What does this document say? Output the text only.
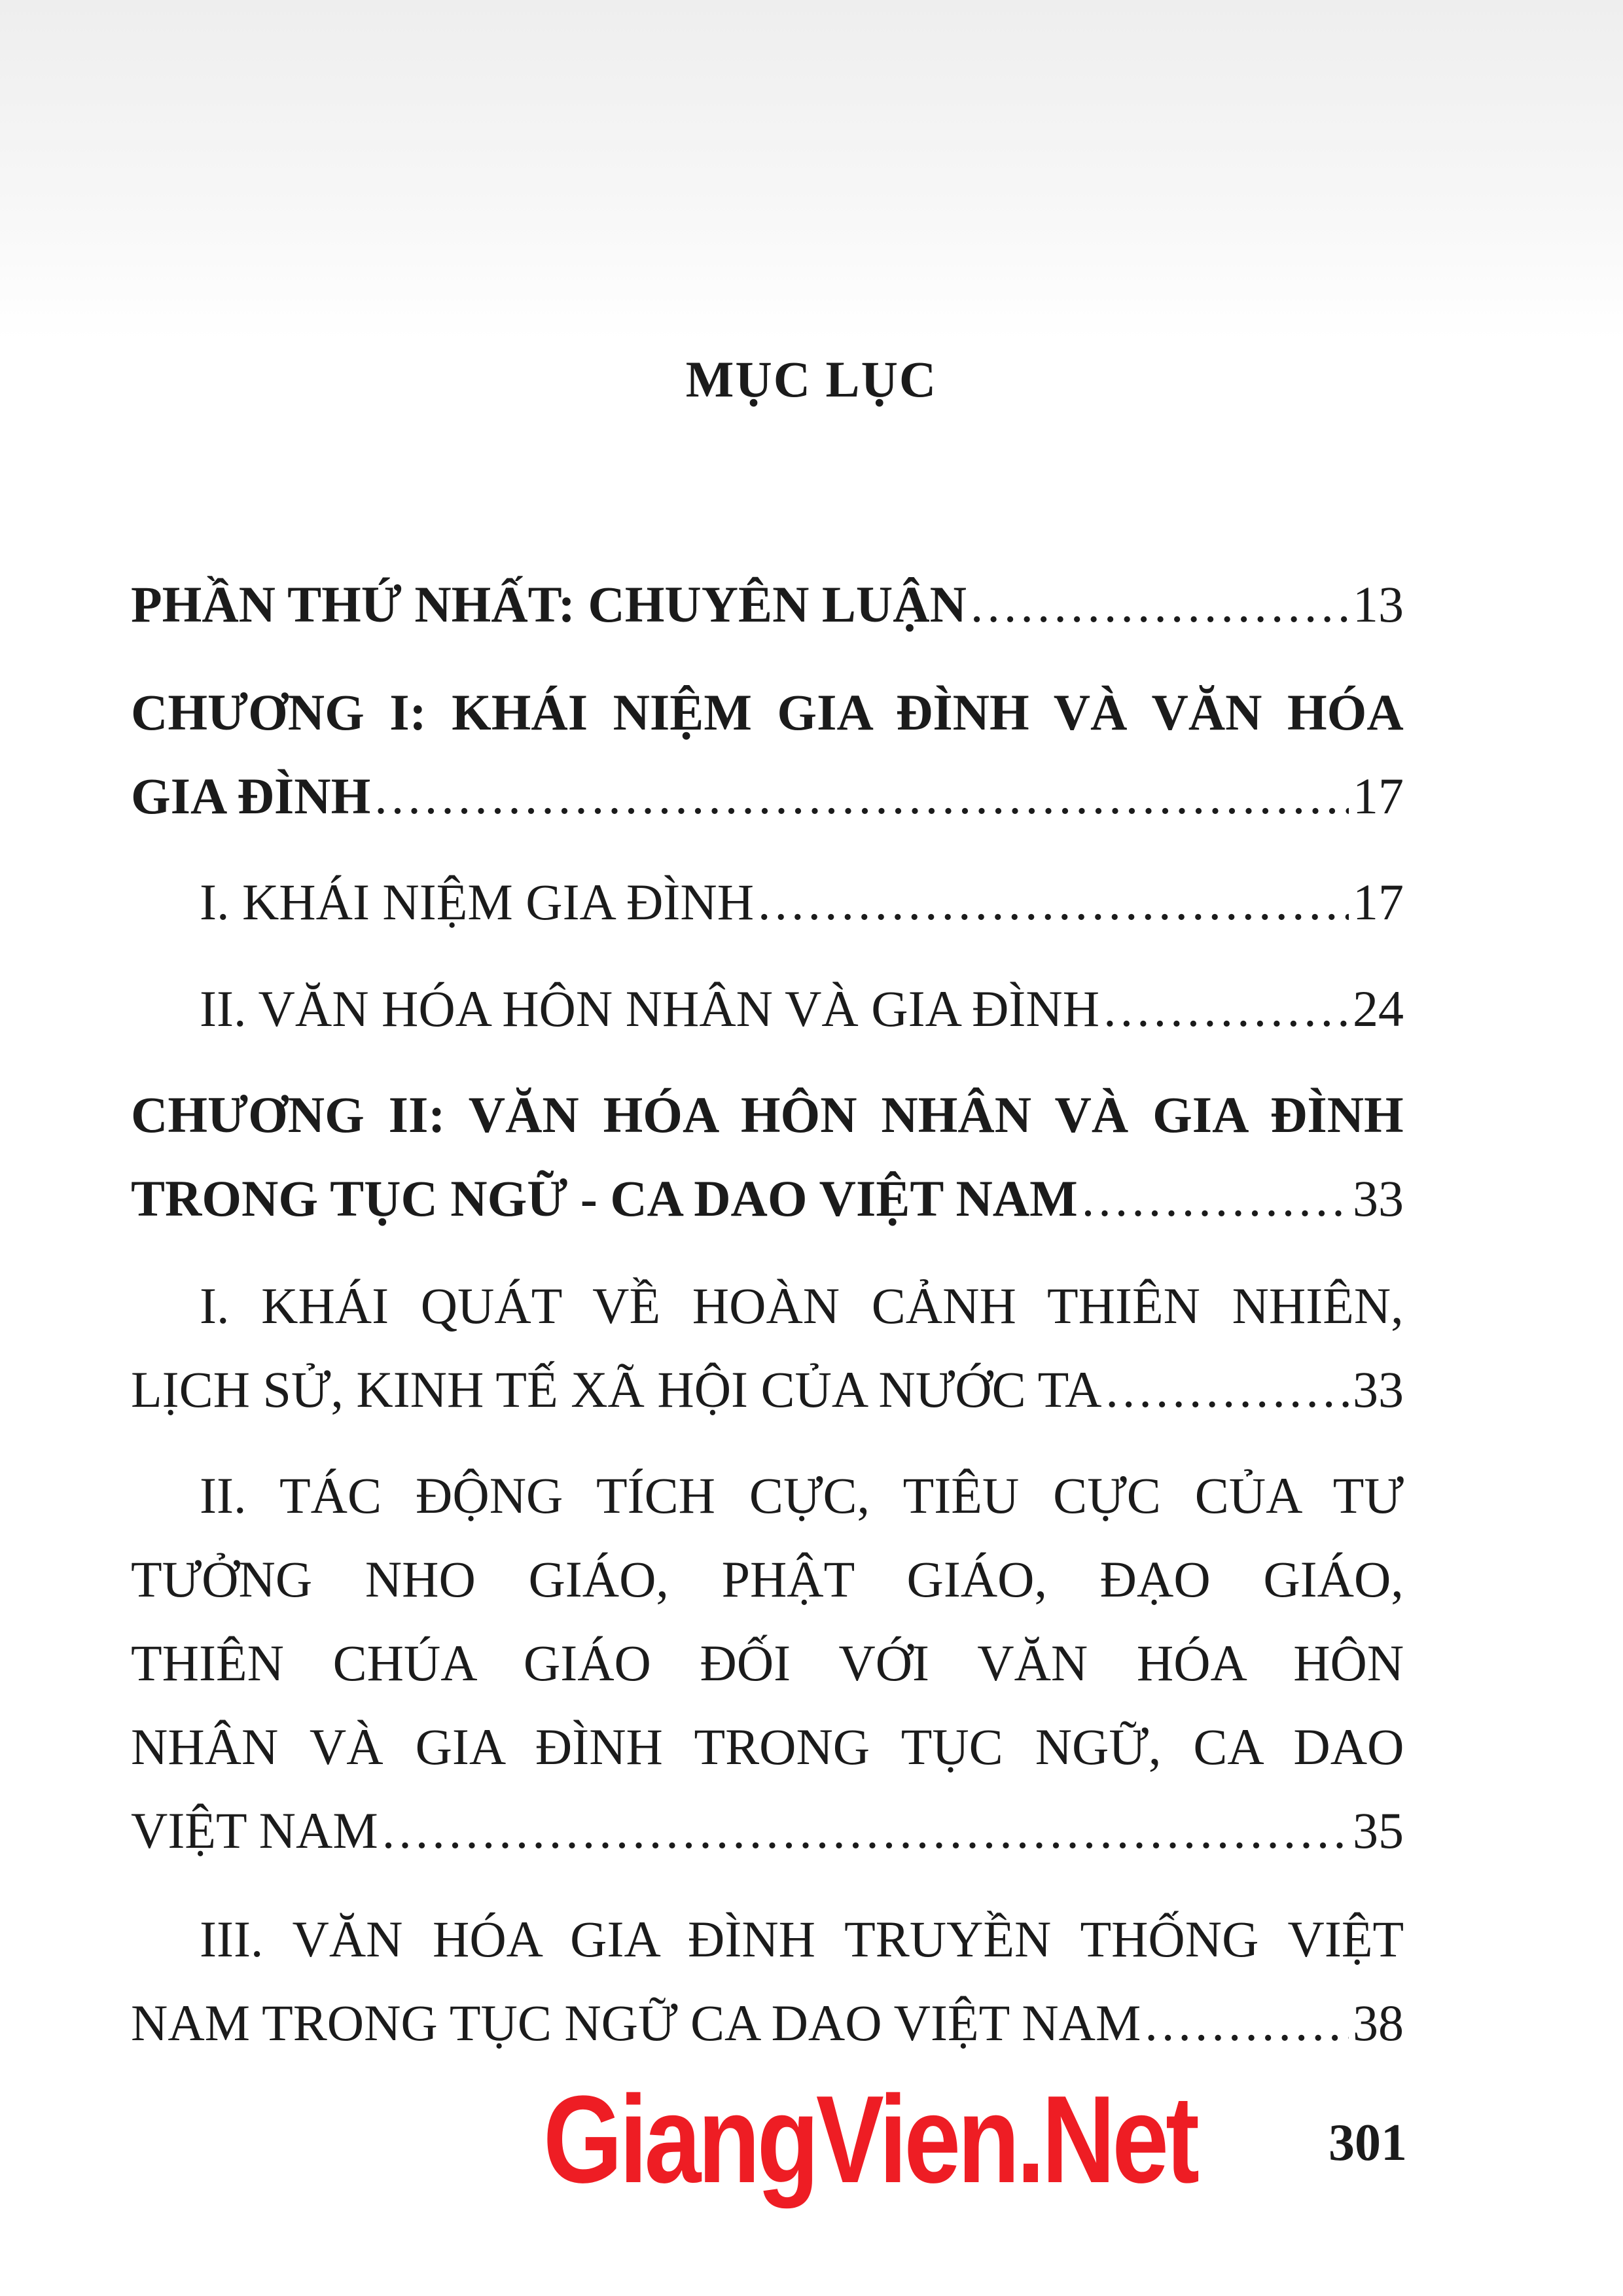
MỤC LỤC
PHẦN THỨ NHẤT: CHUYÊN LUẬN .....	13
CHƯƠNG I: KHÁI NIỆM GIA ĐÌNH VÀ VĂN HÓA
GIA ĐÌNH .....	17
I. KHÁI NIỆM GIA ĐÌNH .....	17
II. VĂN HÓA HÔN NHÂN VÀ GIA ĐÌNH .....	24
CHƯƠNG II: VĂN HÓA HÔN NHÂN VÀ GIA ĐÌNH
TRONG TỤC NGỮ - CA DAO VIỆT NAM .....	33
I. KHÁI QUÁT VỀ HOÀN CẢNH THIÊN NHIÊN,
LỊCH SỬ, KINH TẾ XÃ HỘI CỦA NƯỚC TA .....	33
II. TÁC ĐỘNG TÍCH CỰC, TIÊU CỰC CỦA TƯ
TƯỞNG NHO GIÁO, PHẬT GIÁO, ĐẠO GIÁO,
THIÊN CHÚA GIÁO ĐỐI VỚI VĂN HÓA HÔN
NHÂN VÀ GIA ĐÌNH TRONG TỤC NGỮ, CA DAO
VIỆT NAM .....	35
III. VĂN HÓA GIA ĐÌNH TRUYỀN THỐNG VIỆT
NAM TRONG TỤC NGỮ CA DAO VIỆT NAM .....	38
GiangVien.Net	301
